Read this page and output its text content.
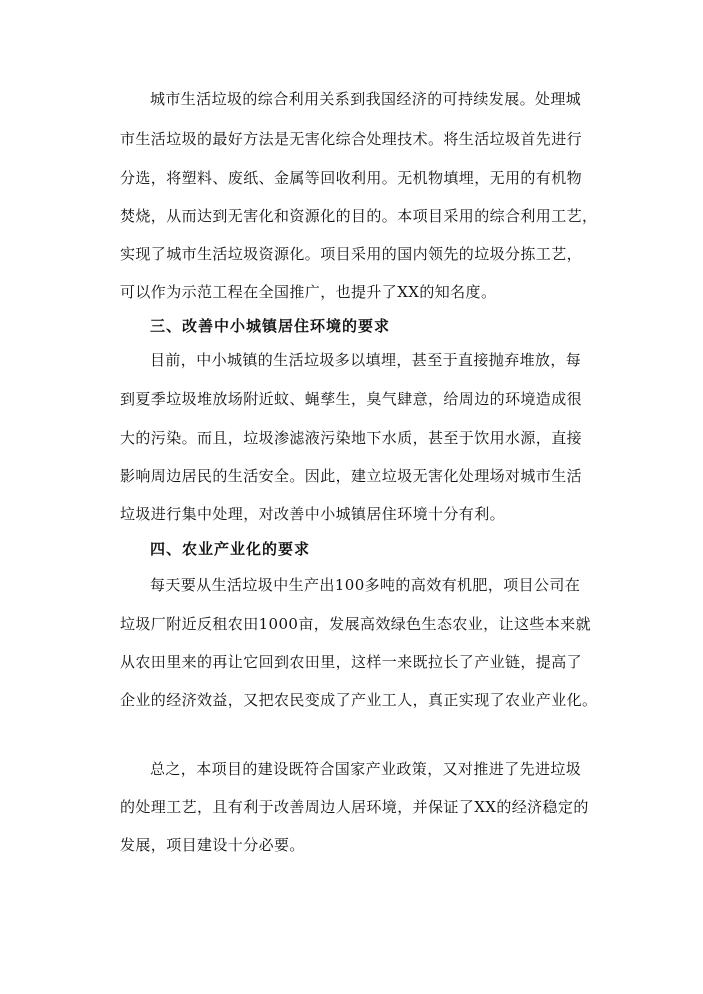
城市生活垃圾的综合利用关系到我国经济的可持续发展。处理城
市生活垃圾的最好方法是无害化综合处理技术。将生活垃圾首先进行
分选，将塑料、废纸、金属等回收利用。无机物填埋，无用的有机物
焚烧，从而达到无害化和资源化的目的。本项目采用的综合利用工艺，
实现了城市生活垃圾资源化。项目采用的国内领先的垃圾分拣工艺，
可以作为示范工程在全国推广，也提升了XX的知名度。
三、改善中小城镇居住环境的要求
目前，中小城镇的生活垃圾多以填埋，甚至于直接抛弃堆放，每
到夏季垃圾堆放场附近蚊、蝇孳生，臭气肆意，给周边的环境造成很
大的污染。而且，垃圾渗滤液污染地下水质，甚至于饮用水源，直接
影响周边居民的生活安全。因此，建立垃圾无害化处理场对城市生活
垃圾进行集中处理，对改善中小城镇居住环境十分有利。
四、农业产业化的要求
每天要从生活垃圾中生产出100多吨的高效有机肥，项目公司在
垃圾厂附近反租农田1000亩，发展高效绿色生态农业，让这些本来就
从农田里来的再让它回到农田里，这样一来既拉长了产业链，提高了
企业的经济效益，又把农民变成了产业工人，真正实现了农业产业化。
总之，本项目的建设既符合国家产业政策，又对推进了先进垃圾
的处理工艺，且有利于改善周边人居环境，并保证了XX的经济稳定的
发展，项目建设十分必要。
